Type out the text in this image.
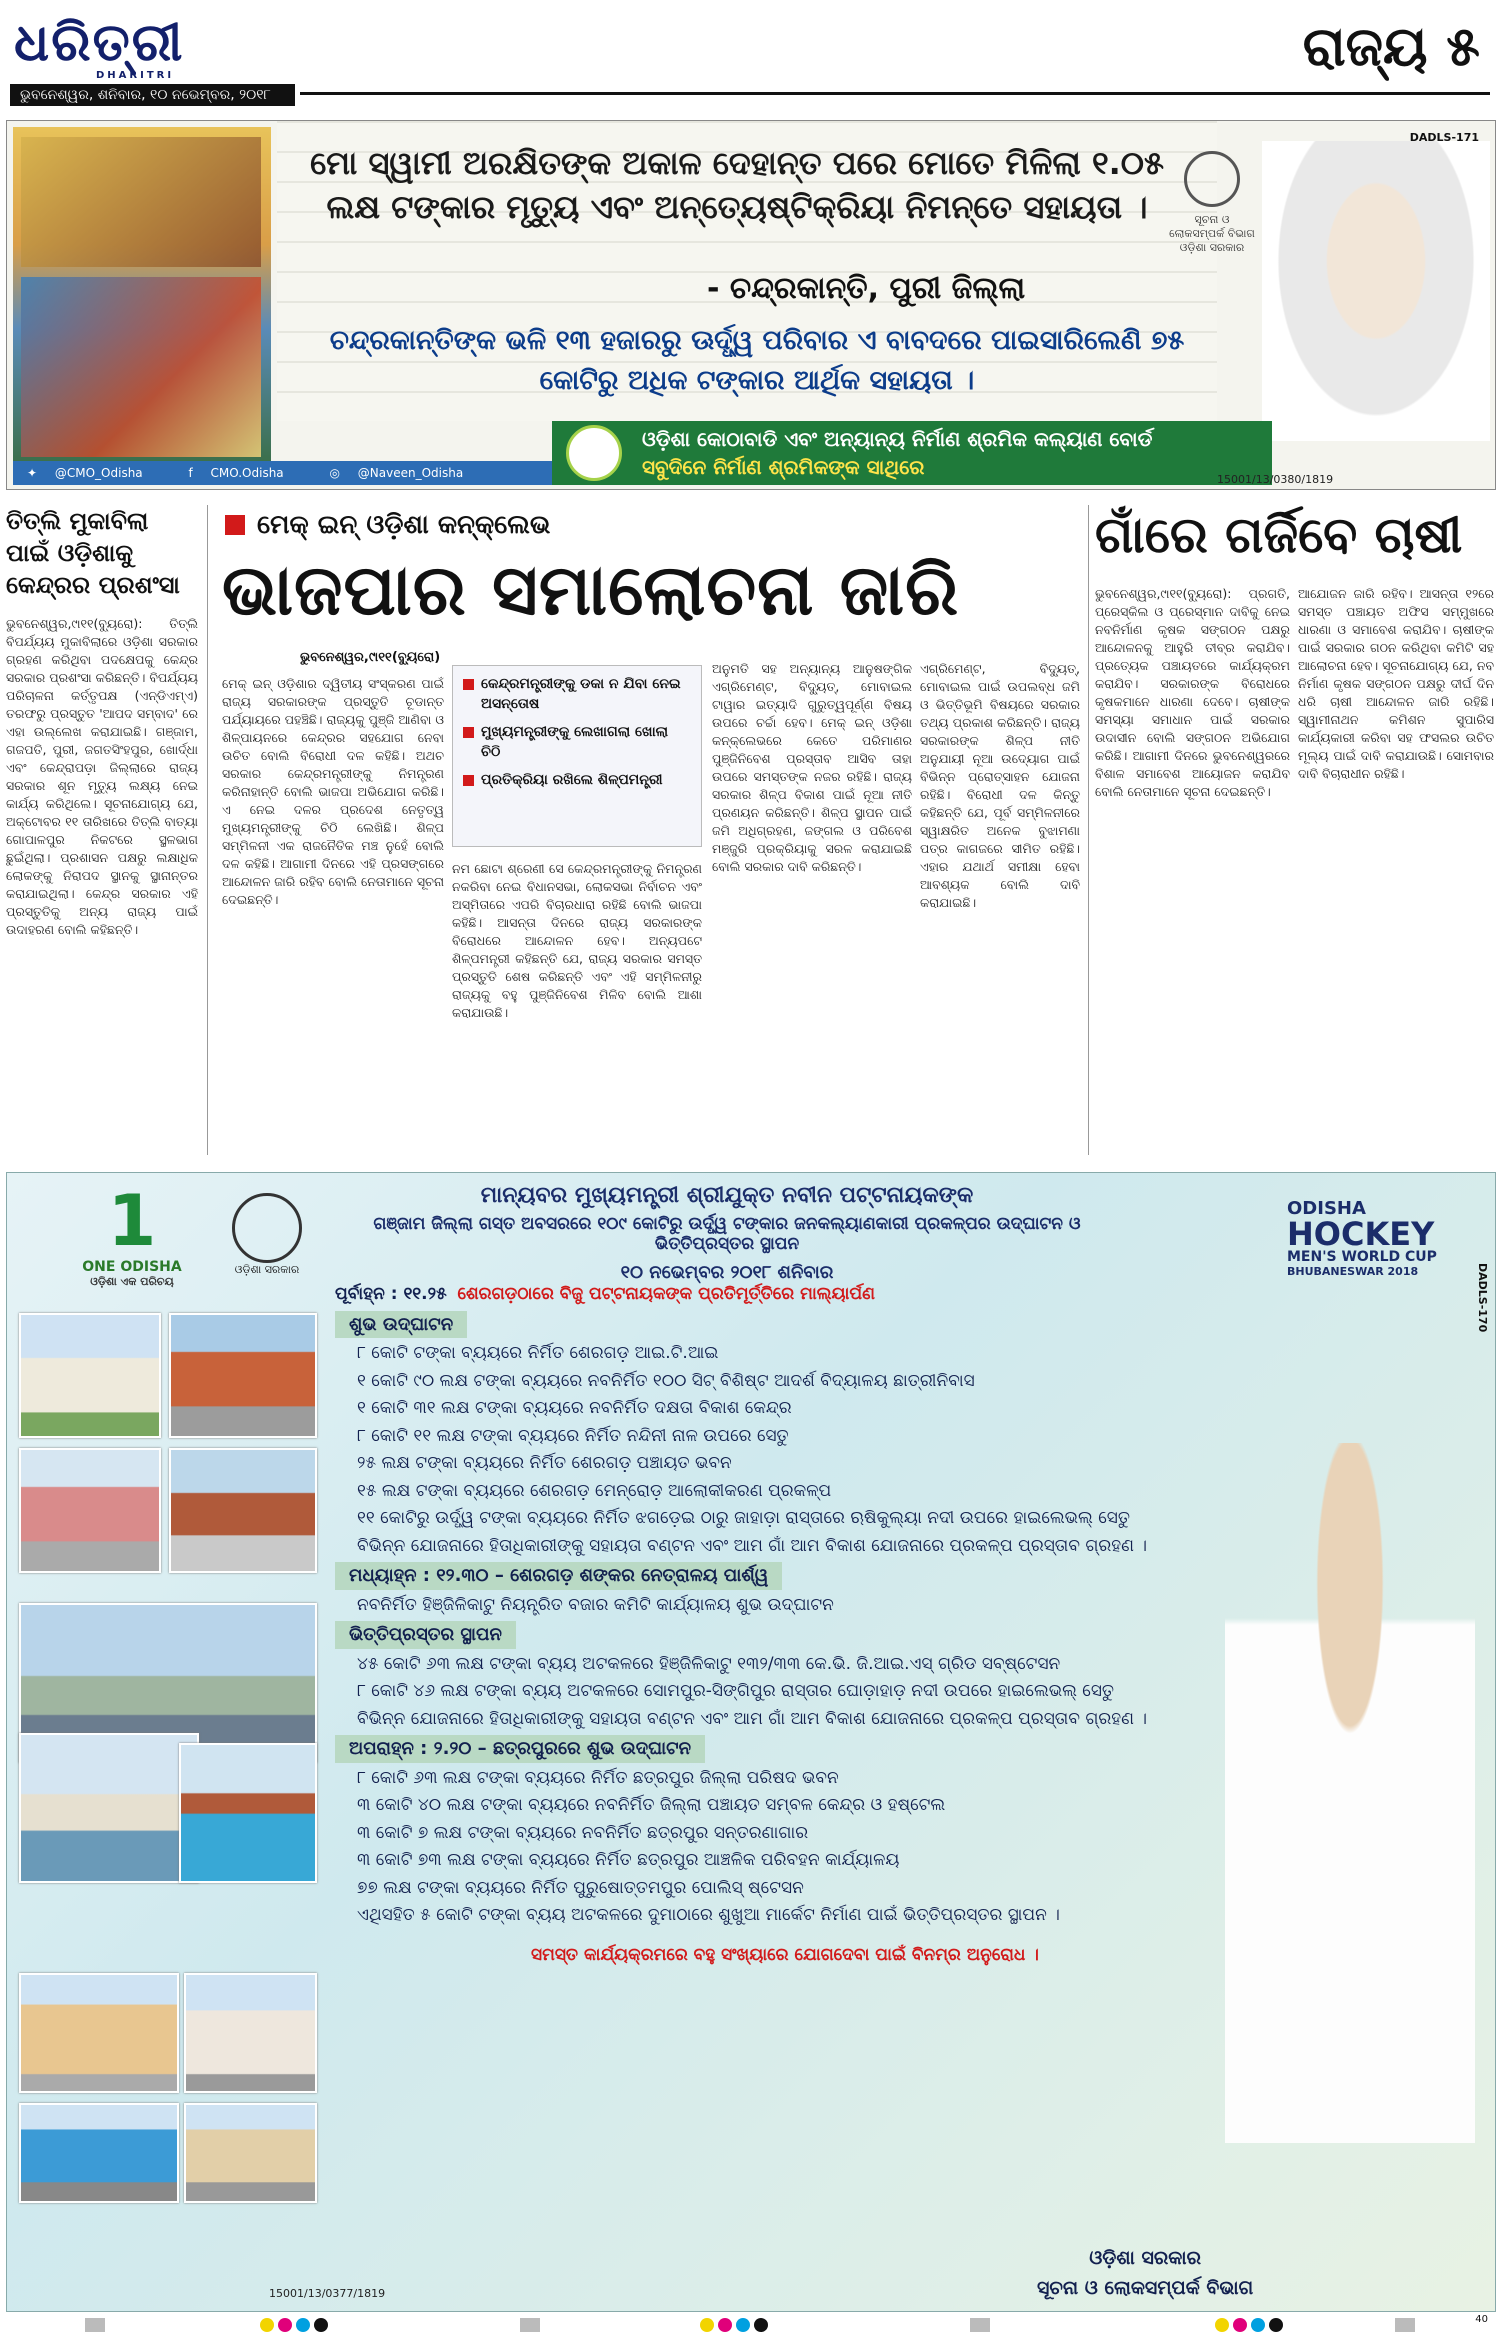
ଧରିତ୍ରୀ
DHARITRI
ଭୁବନେଶ୍ୱର, ଶନିବାର, ୧୦ ନଭେମ୍ବର, ୨୦୧୮
ରାଜ୍ୟ ୫
ମୋ ସ୍ୱାମୀ ଅରକ୍ଷିତଙ୍କ ଅକାଳ ଦେହାନ୍ତ ପରେ ମୋତେ ମିଳିଲା ୧.୦୫ ଲକ୍ଷ ଟଙ୍କାର ମୃତ୍ୟୁ ଏବଂ ଅନ୍ତ୍ୟେଷ୍ଟିକ୍ରିୟା ନିମନ୍ତେ ସହାୟତା ।
- ଚନ୍ଦ୍ରକାନ୍ତି, ପୁରୀ ଜିଲ୍ଲା
ଚନ୍ଦ୍ରକାନ୍ତିଙ୍କ ଭଳି ୧୩ ହଜାରରୁ ଊର୍ଦ୍ଧ୍ୱ ପରିବାର ଏ ବାବଦରେ ପାଇସାରିଲେଣି ୭୫ କୋଟିରୁ ଅଧିକ ଟଙ୍କାର ଆର୍ଥିକ ସହାୟତା ।
ସୂଚନା ଓ ଲୋକସମ୍ପର୍କ ବିଭାଗ ଓଡ଼ିଶା ସରକାର
DADLS-171
✦ @CMO_Odisha	f CMO.Odisha	◎ @Naveen_Odisha
ଓଡ଼ିଶା କୋଠାବାଡି ଏବଂ ଅନ୍ୟାନ୍ୟ ନିର୍ମାଣ ଶ୍ରମିକ କଲ୍ୟାଣ ବୋର୍ଡ
ସବୁଦିନେ ନିର୍ମାଣ ଶ୍ରମିକଙ୍କ ସାଥିରେ
15001/13/0380/1819
ତିତ୍ଲି ମୁକାବିଲା ପାଇଁ ଓଡ଼ିଶାକୁ କେନ୍ଦ୍ରର ପ୍ରଶଂସା
ଭୁବନେଶ୍ୱର,୯ା୧୧(ବ୍ୟୁରୋ): ତିତ୍ଲି ବିପର୍ଯ୍ୟୟ ମୁକାବିଲାରେ ଓଡ଼ିଶା ସରକାର ଗ୍ରହଣ କରିଥିବା ପଦକ୍ଷେପକୁ କେନ୍ଦ୍ର ସରକାର ପ୍ରଶଂସା କରିଛନ୍ତି। ବିପର୍ଯ୍ୟୟ ପରିଚାଳନା କର୍ତ୍ତୃପକ୍ଷ (ଏନ୍‌ଡିଏମ୍‌ଏ) ତରଫରୁ ପ୍ରସ୍ତୁତ 'ଆପଦ ସମ୍ବାଦ' ରେ ଏହା ଉଲ୍ଲେଖ କରାଯାଇଛି। ଗଞ୍ଜାମ, ଗଜପତି, ପୁରୀ, ଜଗତସିଂହପୁର, ଖୋର୍ଦ୍ଧା ଏବଂ କେନ୍ଦ୍ରାପଡ଼ା ଜିଲ୍ଲାରେ ରାଜ୍ୟ ସରକାର ଶୂନ ମୃତ୍ୟୁ ଲକ୍ଷ୍ୟ ନେଇ କାର୍ଯ୍ୟ କରିଥିଲେ। ସୂଚନାଯୋଗ୍ୟ ଯେ, ଅକ୍ଟୋବର ୧୧ ତାରିଖରେ ତିତ୍ଲି ବାତ୍ୟା ଗୋପାଳପୁର ନିକଟରେ ସ୍ଥଳଭାଗ ଛୁଇଁଥିଲା। ପ୍ରଶାସନ ପକ୍ଷରୁ ଲକ୍ଷାଧିକ ଲୋକଙ୍କୁ ନିରାପଦ ସ୍ଥାନକୁ ସ୍ଥାନାନ୍ତର କରାଯାଇଥିଲା। କେନ୍ଦ୍ର ସରକାର ଏହି ପ୍ରସ୍ତୁତିକୁ ଅନ୍ୟ ରାଜ୍ୟ ପାଇଁ ଉଦାହରଣ ବୋଲି କହିଛନ୍ତି।
ମେକ୍ ଇନ୍ ଓଡ଼ିଶା କନ୍‌କ୍ଲେଭ
ଭାଜପାର ସମାଲୋଚନା ଜାରି
ଭୁବନେଶ୍ୱର,୯ା୧୧(ବ୍ୟୁରୋ)
ମେକ୍ ଇନ୍ ଓଡ଼ିଶାର ଦ୍ୱିତୀୟ ସଂସ୍କରଣ ପାଇଁ ରାଜ୍ୟ ସରକାରଙ୍କ ପ୍ରସ୍ତୁତି ଚୂଡାନ୍ତ ପର୍ଯ୍ୟାୟରେ ପହଞ୍ଚିଛି। ରାଜ୍ୟକୁ ପୁଞ୍ଜି ଆଣିବା ଓ ଶିଳ୍ପାୟନରେ କେନ୍ଦ୍ରର ସହଯୋଗ ନେବା ଉଚିତ ବୋଲି ବିରୋଧୀ ଦଳ କହିଛି। ଅଥଚ ସରକାର କେନ୍ଦ୍ରମନ୍ତ୍ରୀଙ୍କୁ ନିମନ୍ତ୍ରଣ କରିନାହାନ୍ତି ବୋଲି ଭାଜପା ଅଭିଯୋଗ କରିଛି। ଏ ନେଇ ଦଳର ପ୍ରଦେଶ ନେତୃତ୍ୱ ମୁଖ୍ୟମନ୍ତ୍ରୀଙ୍କୁ ଚିଠି ଲେଖିଛି। ଶିଳ୍ପ ସମ୍ମିଳନୀ ଏକ ରାଜନୈତିକ ମଞ୍ଚ ନୁହେଁ ବୋଲି ଦଳ କହିଛି। ଆଗାମୀ ଦିନରେ ଏହି ପ୍ରସଙ୍ଗରେ ଆନ୍ଦୋଳନ ଜାରି ରହିବ ବୋଲି ନେତାମାନେ ସୂଚନା ଦେଇଛନ୍ତି।
କେନ୍ଦ୍ରମନ୍ତ୍ରୀଙ୍କୁ ଡକା ନ ଯିବା ନେଇ ଅସନ୍ତୋଷ
ମୁଖ୍ୟମନ୍ତ୍ରୀଙ୍କୁ ଲେଖାଗଲା ଖୋଲା ଚିଠି
ପ୍ରତିକ୍ରିୟା ରଖିଲେ ଶିଳ୍ପମନ୍ତ୍ରୀ
ନମ ଛୋଟା ଶ୍ରେଣୀ ସେ କେନ୍ଦ୍ରମନ୍ତ୍ରୀଙ୍କୁ ନିମନ୍ତ୍ରଣ ନକରିବା ନେଇ ବିଧାନସଭା, ଲୋକସଭା ନିର୍ବାଚନ ଏବଂ ଅସ୍ମିତାରେ ଏପରି ବିଚାରଧାରା ରହିଛି ବୋଲି ଭାଜପା କହିଛି। ଆସନ୍ତା ଦିନରେ ରାଜ୍ୟ ସରକାରଙ୍କ ବିରୋଧରେ ଆନ୍ଦୋଳନ ହେବ। ଅନ୍ୟପଟେ ଶିଳ୍ପମନ୍ତ୍ରୀ କହିଛନ୍ତି ଯେ, ରାଜ୍ୟ ସରକାର ସମସ୍ତ ପ୍ରସ୍ତୁତି ଶେଷ କରିଛନ୍ତି ଏବଂ ଏହି ସମ୍ମିଳନୀରୁ ରାଜ୍ୟକୁ ବହୁ ପୁଞ୍ଜିନିବେଶ ମିଳିବ ବୋଲି ଆଶା କରାଯାଉଛି।
ଅନୁମତି ସହ ଅନ୍ୟାନ୍ୟ ଆନୁଷଙ୍ଗିକ ଏଗ୍ରିମେଣ୍ଟ, ବିଦ୍ୟୁତ୍, ମୋବାଇଲ ଟାୱାର ଇତ୍ୟାଦି ଗୁରୁତ୍ୱପୂର୍ଣ୍ଣ ବିଷୟ ଉପରେ ଚର୍ଚ୍ଚା ହେବ। ମେକ୍ ଇନ୍ ଓଡ଼ିଶା କନ୍‌କ୍ଲେଭରେ କେତେ ପରିମାଣର ପୁଞ୍ଜିନିବେଶ ପ୍ରସ୍ତାବ ଆସିବ ତାହା ଉପରେ ସମସ୍ତଙ୍କ ନଜର ରହିଛି। ରାଜ୍ୟ ସରକାର ଶିଳ୍ପ ବିକାଶ ପାଇଁ ନୂଆ ନୀତି ପ୍ରଣୟନ କରିଛନ୍ତି। ଶିଳ୍ପ ସ୍ଥାପନ ପାଇଁ ଜମି ଅଧିଗ୍ରହଣ, ଜଙ୍ଗଲ ଓ ପରିବେଶ ମଞ୍ଜୁରି ପ୍ରକ୍ରିୟାକୁ ସରଳ କରାଯାଇଛି ବୋଲି ସରକାର ଦାବି କରିଛନ୍ତି।
ଏଗ୍ରିମେଣ୍ଟ, ବିଦ୍ୟୁତ୍, ମୋବାଇଲ ପାଇଁ ଉପଲବ୍ଧ ଜମି ଓ ଭିତ୍ତିଭୂମି ବିଷୟରେ ସରକାର ତଥ୍ୟ ପ୍ରକାଶ କରିଛନ୍ତି। ରାଜ୍ୟ ସରକାରଙ୍କ ଶିଳ୍ପ ନୀତି ଅନୁଯାୟୀ ନୂଆ ଉଦ୍ୟୋଗ ପାଇଁ ବିଭିନ୍ନ ପ୍ରୋତ୍ସାହନ ଯୋଜନା ରହିଛି। ବିରୋଧୀ ଦଳ କିନ୍ତୁ କହିଛନ୍ତି ଯେ, ପୂର୍ବ ସମ୍ମିଳନୀରେ ସ୍ୱାକ୍ଷରିତ ଅନେକ ବୁଝାମଣା ପତ୍ର କାଗଜରେ ସୀମିତ ରହିଛି। ଏହାର ଯଥାର୍ଥ ସମୀକ୍ଷା ହେବା ଆବଶ୍ୟକ ବୋଲି ଦାବି କରାଯାଇଛି।
ଗାଁରେ ଗର୍ଜିବେ ଚାଷୀ
ଭୁବନେଶ୍ୱର,୯ା୧୧(ବ୍ୟୁରୋ): ପ୍ରଗତି, ପ୍ରେସ୍କିଲ ଓ ପ୍ରେସ୍ମାନ ଦାବିକୁ ନେଇ ନବନିର୍ମାଣ କୃଷକ ସଙ୍ଗଠନ ପକ୍ଷରୁ ଆନ୍ଦୋଳନକୁ ଆହୁରି ତୀବ୍ର କରାଯିବ। ପ୍ରତ୍ୟେକ ପଞ୍ଚାୟତରେ କାର୍ଯ୍ୟକ୍ରମ କରାଯିବ। ସରକାରଙ୍କ ବିରୋଧରେ କୃଷକମାନେ ଧାରଣା ଦେବେ। ଚାଷୀଙ୍କ ସମସ୍ୟା ସମାଧାନ ପାଇଁ ସରକାର ଉଦାସୀନ ବୋଲି ସଙ୍ଗଠନ ଅଭିଯୋଗ କରିଛି। ଆଗାମୀ ଦିନରେ ଭୁବନେଶ୍ୱରରେ ବିଶାଳ ସମାବେଶ ଆୟୋଜନ କରାଯିବ ବୋଲି ନେତାମାନେ ସୂଚନା ଦେଇଛନ୍ତି।
ଆଯୋଜନ ଜାରି ରହିବ। ଆସନ୍ତା ୧୨ରେ ସମସ୍ତ ପଞ୍ଚାୟତ ଅଫିସ ସମ୍ମୁଖରେ ଧାରଣା ଓ ସମାବେଶ କରାଯିବ। ଚାଷୀଙ୍କ ପାଇଁ ସରକାର ଗଠନ କରିଥିବା କମିଟି ସହ ଆଲୋଚନା ହେବ। ସୂଚନାଯୋଗ୍ୟ ଯେ, ନବ ନିର୍ମାଣ କୃଷକ ସଙ୍ଗଠନ ପକ୍ଷରୁ ଦୀର୍ଘ ଦିନ ଧରି ଚାଷୀ ଆନ୍ଦୋଳନ ଜାରି ରହିଛି। ସ୍ୱାମୀନାଥନ କମିଶନ ସୁପାରିସ କାର୍ଯ୍ୟକାରୀ କରିବା ସହ ଫସଲର ଉଚିତ ମୂଲ୍ୟ ପାଇଁ ଦାବି କରାଯାଉଛି। ସୋମବାର ଦାବି ବିଚାରାଧୀନ ରହିଛି।
1
ONE ODISHA
ଓଡ଼ିଶା ଏକ ପରିଚୟ
ଓଡ଼ିଶା ସରକାର
ମାନ୍ୟବର ମୁଖ୍ୟମନ୍ତ୍ରୀ ଶ୍ରୀଯୁକ୍ତ ନବୀନ ପଟ୍ଟନାୟକଙ୍କ
ଗଞ୍ଜାମ ଜିଲ୍ଲା ଗସ୍ତ ଅବସରରେ ୧୦୯ କୋଟିରୁ ଉର୍ଦ୍ଧ୍ୱ ଟଙ୍କାର ଜନକଲ୍ୟାଣକାରୀ ପ୍ରକଳ୍ପର ଉଦ୍‌ଘାଟନ ଓ ଭିତ୍ତିପ୍ରସ୍ତର ସ୍ଥାପନ
୧୦ ନଭେମ୍ବର ୨୦୧୮ ଶନିବାର
ODISHA
HOCKEY
MEN'S WORLD CUP
BHUBANESWAR 2018	DADLS-170
ପୂର୍ବାହ୍ନ : ୧୧.୨୫ ଶେରଗଡ଼ଠାରେ ବିଜୁ ପଟ୍ଟନାୟକଙ୍କ ପ୍ରତିମୂର୍ତ୍ତିରେ ମାଲ୍ୟାର୍ପଣ
ଶୁଭ ଉଦ୍‌ଘାଟନ
୮ କୋଟି ଟଙ୍କା ବ୍ୟୟରେ ନିର୍ମିତ ଶେରଗଡ଼ ଆଇ.ଟି.ଆଇ
୧ କୋଟି ୯୦ ଲକ୍ଷ ଟଙ୍କା ବ୍ୟୟରେ ନବନିର୍ମିତ ୧୦୦ ସିଟ୍ ବିଶିଷ୍ଟ ଆଦର୍ଶ ବିଦ୍ୟାଳୟ ଛାତ୍ରୀନିବାସ
୧ କୋଟି ୩୧ ଲକ୍ଷ ଟଙ୍କା ବ୍ୟୟରେ ନବନିର୍ମିତ ଦକ୍ଷତା ବିକାଶ କେନ୍ଦ୍ର
୮ କୋଟି ୧୧ ଲକ୍ଷ ଟଙ୍କା ବ୍ୟୟରେ ନିର୍ମିତ ନନ୍ଦିନୀ ନାଳ ଉପରେ ସେତୁ
୨୫ ଲକ୍ଷ ଟଙ୍କା ବ୍ୟୟରେ ନିର୍ମିତ ଶେରଗଡ଼ ପଞ୍ଚାୟତ ଭବନ
୧୫ ଲକ୍ଷ ଟଙ୍କା ବ୍ୟୟରେ ଶେରଗଡ଼ ମେନ୍‌ରୋଡ଼ ଆଲୋକୀକରଣ ପ୍ରକଳ୍ପ
୧୧ କୋଟିରୁ ଉର୍ଦ୍ଧ୍ୱ ଟଙ୍କା ବ୍ୟୟରେ ନିର୍ମିତ ଝଗଡ଼େଇ ଠାରୁ ଜାହାଡ଼ା ରାସ୍ତାରେ ଋଷିକୁଲ୍ୟା ନଦୀ ଉପରେ ହାଇଲେଭଲ୍ ସେତୁ
ବିଭିନ୍ନ ଯୋଜନାରେ ହିତାଧିକାରୀଙ୍କୁ ସହାୟତା ବଣ୍ଟନ ଏବଂ ଆମ ଗାଁ ଆମ ବିକାଶ ଯୋଜନାରେ ପ୍ରକଳ୍ପ ପ୍ରସ୍ତାବ ଗ୍ରହଣ ।
ମଧ୍ୟାହ୍ନ : ୧୨.୩୦ – ଶେରଗଡ଼ ଶଙ୍କର ନେତ୍ରାଳୟ ପାର୍ଶ୍ୱ
ନବନିର୍ମିତ ହିଞ୍ଜିଳିକାଟୁ ନିୟନ୍ତ୍ରିତ ବଜାର କମିଟି କାର୍ଯ୍ୟାଳୟ ଶୁଭ ଉଦ୍‌ଘାଟନ
ଭିତ୍ତିପ୍ରସ୍ତର ସ୍ଥାପନ
୪୫ କୋଟି ୬୩ ଲକ୍ଷ ଟଙ୍କା ବ୍ୟୟ ଅଟକଳରେ ହିଞ୍ଜିଳିକାଟୁ ୧୩୨/୩୩ କେ.ଭି. ଜି.ଆଇ.ଏସ୍ ଗ୍ରିଡ ସବ୍‌ଷ୍ଟେସନ
୮ କୋଟି ୪୬ ଲକ୍ଷ ଟଙ୍କା ବ୍ୟୟ ଅଟକଳରେ ସୋମପୁର-ସିଙ୍ଗିପୁର ରାସ୍ତାର ଘୋଡ଼ାହାଡ଼ ନଦୀ ଉପରେ ହାଇଲେଭଲ୍ ସେତୁ
ବିଭିନ୍ନ ଯୋଜନାରେ ହିତାଧିକାରୀଙ୍କୁ ସହାୟତା ବଣ୍ଟନ ଏବଂ ଆମ ଗାଁ ଆମ ବିକାଶ ଯୋଜନାରେ ପ୍ରକଳ୍ପ ପ୍ରସ୍ତାବ ଗ୍ରହଣ ।
ଅପରାହ୍ନ : ୨.୨୦ – ଛତ୍ରପୁରରେ ଶୁଭ ଉଦ୍‌ଘାଟନ
୮ କୋଟି ୬୩ ଲକ୍ଷ ଟଙ୍କା ବ୍ୟୟରେ ନିର୍ମିତ ଛତ୍ରପୁର ଜିଲ୍ଲା ପରିଷଦ ଭବନ
୩ କୋଟି ୪୦ ଲକ୍ଷ ଟଙ୍କା ବ୍ୟୟରେ ନବନିର୍ମିତ ଜିଲ୍ଲା ପଞ୍ଚାୟତ ସମ୍ବଳ କେନ୍ଦ୍ର ଓ ହଷ୍ଟେଲ
୩ କୋଟି ୭ ଲକ୍ଷ ଟଙ୍କା ବ୍ୟୟରେ ନବନିର୍ମିତ ଛତ୍ରପୁର ସନ୍ତରଣାଗାର
୩ କୋଟି ୭୩ ଲକ୍ଷ ଟଙ୍କା ବ୍ୟୟରେ ନିର୍ମିତ ଛତ୍ରପୁର ଆଞ୍ଚଳିକ ପରିବହନ କାର୍ଯ୍ୟାଳୟ
୭୭ ଲକ୍ଷ ଟଙ୍କା ବ୍ୟୟରେ ନିର୍ମିତ ପୁରୁଷୋତ୍ତମପୁର ପୋଲିସ୍ ଷ୍ଟେସନ
ଏଥିସହିତ ୫ କୋଟି ଟଙ୍କା ବ୍ୟୟ ଅଟକଳରେ ଦୁମାଠାରେ ଶୁଖୁଆ ମାର୍କେଟ ନିର୍ମାଣ ପାଇଁ ଭିତ୍ତିପ୍ରସ୍ତର ସ୍ଥାପନ ।
ସମସ୍ତ କାର୍ଯ୍ୟକ୍ରମରେ ବହୁ ସଂଖ୍ୟାରେ ଯୋଗଦେବା ପାଇଁ ବିନମ୍ର ଅନୁରୋଧ ।
ଓଡ଼ିଶା ସରକାର
ସୂଚନା ଓ ଲୋକସମ୍ପର୍କ ବିଭାଗ
15001/13/0377/1819
40
